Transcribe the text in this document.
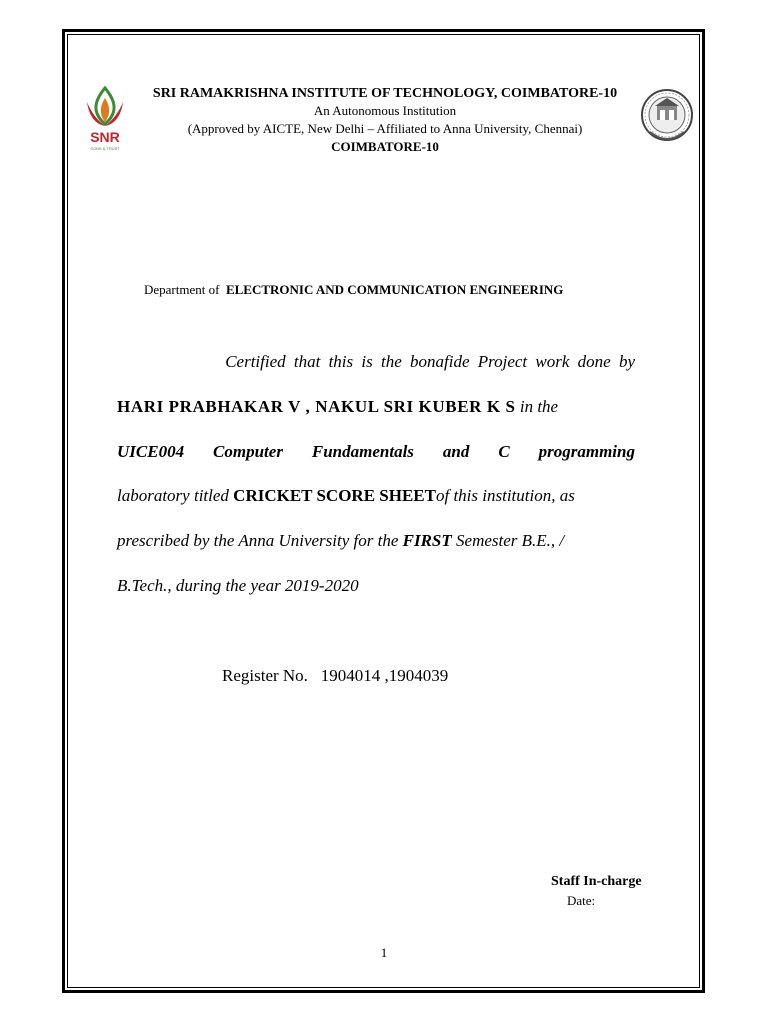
SNR
SONS & TRUST
SRI RAMAKRISHNA INSTITUTE OF TECHNOLOGY, COIMBATORE-10
An Autonomous Institution
(Approved by AICTE, New Delhi – Affiliated to Anna University, Chennai)
COIMBATORE-10
Department of ELECTRONIC AND COMMUNICATION ENGINEERING
Certified that this is the bonafide Project work done by
HARI PRABHAKAR V , NAKUL SRI KUBER K S in the
UICE004 Computer Fundamentals and C programming
laboratory titled CRICKET SCORE SHEETof this institution, as
prescribed by the Anna University for the FIRST Semester B.E., /
B.Tech., during the year 2019-2020
Register No. 1904014 ,1904039
Staff In-charge
Date:
1
